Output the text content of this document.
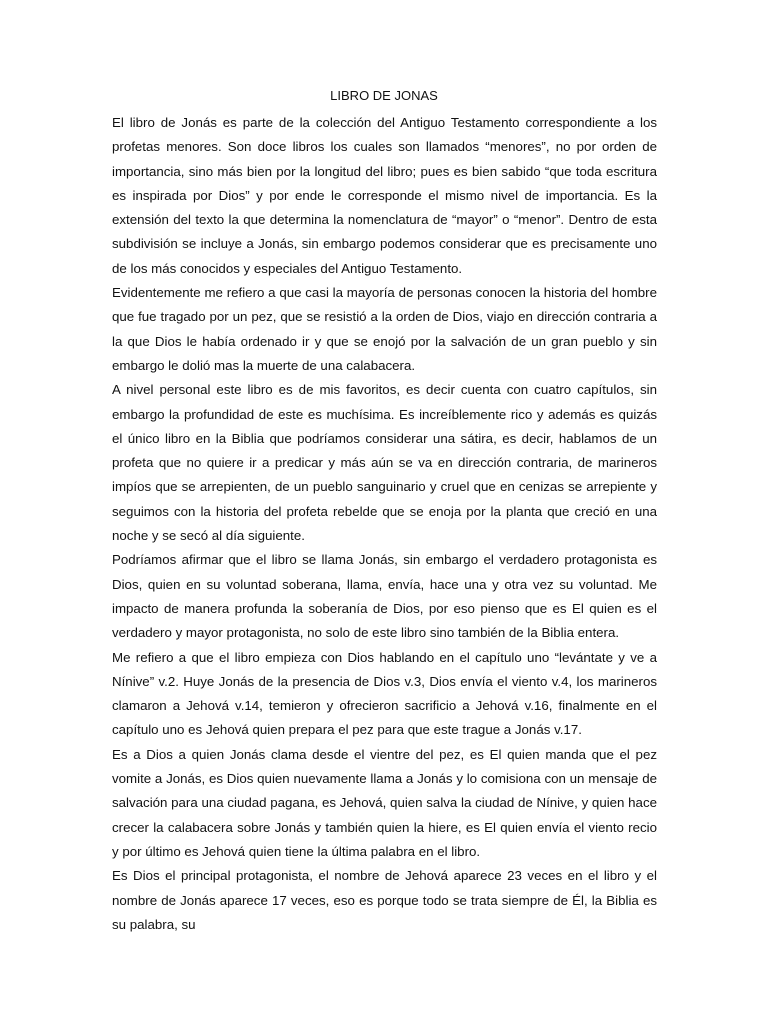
LIBRO DE JONAS

El libro de Jonás es parte de la colección del Antiguo Testamento correspondiente a los profetas menores. Son doce libros los cuales son llamados “menores”, no por orden de importancia, sino más bien por la longitud del libro; pues es bien sabido “que toda escritura es inspirada por Dios” y por ende le corresponde el mismo nivel de importancia. Es la extensión del texto la que determina la nomenclatura de “mayor” o “menor”. Dentro de esta subdivisión se incluye a Jonás, sin embargo podemos considerar que es precisamente uno de los más conocidos y especiales del Antiguo Testamento.

Evidentemente me refiero a que casi la mayoría de personas conocen la historia del hombre que fue tragado por un pez, que se resistió a la orden de Dios, viajo en dirección contraria a la que Dios le había ordenado ir y que se enojó por la salvación de un gran pueblo y sin embargo le dolió mas la muerte de una calabacera.

A nivel personal este libro es de mis favoritos, es decir cuenta con cuatro capítulos, sin embargo la profundidad de este es muchísima. Es increíblemente rico y además es quizás el único libro en la Biblia que podríamos considerar una sátira, es decir, hablamos de un profeta que no quiere ir a predicar y más aún se va en dirección contraria, de marineros impíos que se arrepienten, de un pueblo sanguinario y cruel que en cenizas se arrepiente y seguimos con la historia del profeta rebelde que se enoja por la planta que creció en una noche y se secó al día siguiente.

Podríamos afirmar que el libro se llama Jonás, sin embargo el verdadero protagonista es Dios, quien en su voluntad soberana, llama, envía, hace una y otra vez su voluntad. Me impacto de manera profunda la soberanía de Dios, por eso pienso que es El quien es el verdadero y mayor protagonista, no solo de este libro sino también de la Biblia entera.

Me refiero a que el libro empieza con Dios hablando en el capítulo uno “levántate y ve a Nínive” v.2. Huye Jonás de la presencia de Dios v.3, Dios envía el viento v.4, los marineros clamaron a Jehová v.14, temieron y ofrecieron sacrificio a Jehová v.16, finalmente en el capítulo uno es Jehová quien prepara el pez para que este trague a Jonás v.17.

Es a Dios a quien Jonás clama desde el vientre del pez, es El quien manda que el pez vomite a Jonás, es Dios quien nuevamente llama a Jonás y lo comisiona con un mensaje de salvación para una ciudad pagana, es Jehová, quien salva la ciudad de Nínive, y quien hace crecer la calabacera sobre Jonás y también quien la hiere, es El quien envía el viento recio y por último es Jehová quien tiene la última palabra en el libro.

Es Dios el principal protagonista, el nombre de Jehová aparece 23 veces en el libro y el nombre de Jonás aparece 17 veces, eso es porque todo se trata siempre de Él, la Biblia es su palabra, su
